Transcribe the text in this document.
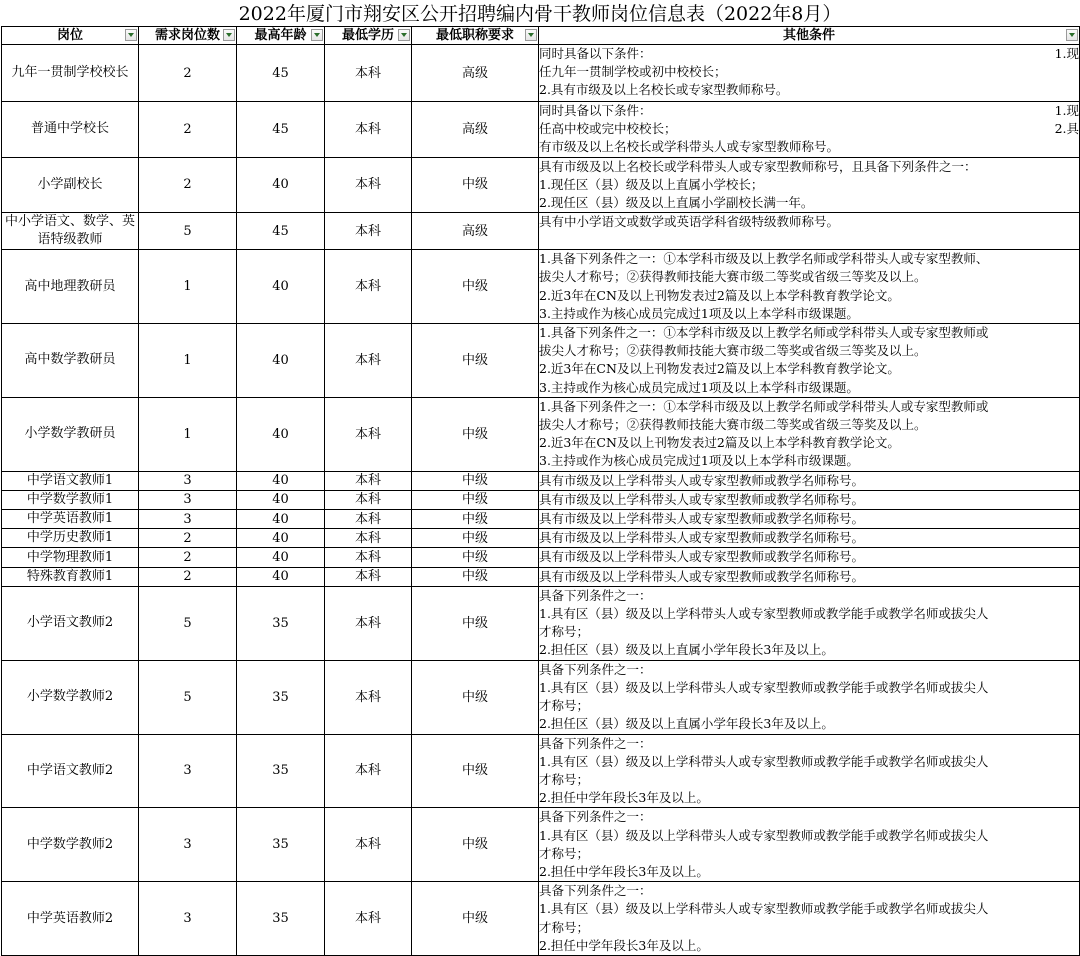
2022年厦门市翔安区公开招聘编内骨干教师岗位信息表（2022年8月）
岗位	需求岗位数	最高年龄	最低学历	最低职称要求	其他条件

九年一贯制学校校长	2	45	本科	高级	同时具备以下条件： 1.现
任九年一贯制学校或初中校校长；
2.具有市级及以上名校长或专家型教师称号。

普通中学校长	2	45	本科	高级	同时具备以下条件： 1.现
任高中校或完中校校长； 2.具
有市级及以上名校长或学科带头人或专家型教师称号。

小学副校长	2	40	本科	中级	具有市级及以上名校长或学科带头人或专家型教师称号，且具备下列条件之一：
1.现任区（县）级及以上直属小学校长；
2.现任区（县）级及以上直属小学副校长满一年。

中小学语文、数学、英语特级教师	5	45	本科	高级	具有中小学语文或数学或英语学科省级特级教师称号。

高中地理教研员	1	40	本科	中级	1.具备下列条件之一：①本学科市级及以上教学名师或学科带头人或专家型教师、
拔尖人才称号；②获得教师技能大赛市级二等奖或省级三等奖及以上。
2.近3年在CN及以上刊物发表过2篇及以上本学科教育教学论文。
3.主持或作为核心成员完成过1项及以上本学科市级课题。

高中数学教研员	1	40	本科	中级	1.具备下列条件之一：①本学科市级及以上教学名师或学科带头人或专家型教师或
拔尖人才称号；②获得教师技能大赛市级二等奖或省级三等奖及以上。
2.近3年在CN及以上刊物发表过2篇及以上本学科教育教学论文。
3.主持或作为核心成员完成过1项及以上本学科市级课题。

小学数学教研员	1	40	本科	中级	1.具备下列条件之一：①本学科市级及以上教学名师或学科带头人或专家型教师或
拔尖人才称号；②获得教师技能大赛市级二等奖或省级三等奖及以上。
2.近3年在CN及以上刊物发表过2篇及以上本学科教育教学论文。
3.主持或作为核心成员完成过1项及以上本学科市级课题。

中学语文教师1	3	40	本科	中级	具有市级及以上学科带头人或专家型教师或教学名师称号。

中学数学教师1	3	40	本科	中级	具有市级及以上学科带头人或专家型教师或教学名师称号。

中学英语教师1	3	40	本科	中级	具有市级及以上学科带头人或专家型教师或教学名师称号。

中学历史教师1	2	40	本科	中级	具有市级及以上学科带头人或专家型教师或教学名师称号。

中学物理教师1	2	40	本科	中级	具有市级及以上学科带头人或专家型教师或教学名师称号。

特殊教育教师1	2	40	本科	中级	具有市级及以上学科带头人或专家型教师或教学名师称号。

小学语文教师2	5	35	本科	中级	具备下列条件之一：
1.具有区（县）级及以上学科带头人或专家型教师或教学能手或教学名师或拔尖人
才称号；
2.担任区（县）级及以上直属小学年段长3年及以上。

小学数学教师2	5	35	本科	中级	具备下列条件之一：
1.具有区（县）级及以上学科带头人或专家型教师或教学能手或教学名师或拔尖人
才称号；
2.担任区（县）级及以上直属小学年段长3年及以上。

中学语文教师2	3	35	本科	中级	具备下列条件之一：
1.具有区（县）级及以上学科带头人或专家型教师或教学能手或教学名师或拔尖人
才称号；
2.担任中学年段长3年及以上。

中学数学教师2	3	35	本科	中级	具备下列条件之一：
1.具有区（县）级及以上学科带头人或专家型教师或教学能手或教学名师或拔尖人
才称号；
2.担任中学年段长3年及以上。

中学英语教师2	3	35	本科	中级	具备下列条件之一：
1.具有区（县）级及以上学科带头人或专家型教师或教学能手或教学名师或拔尖人
才称号；
2.担任中学年段长3年及以上。
